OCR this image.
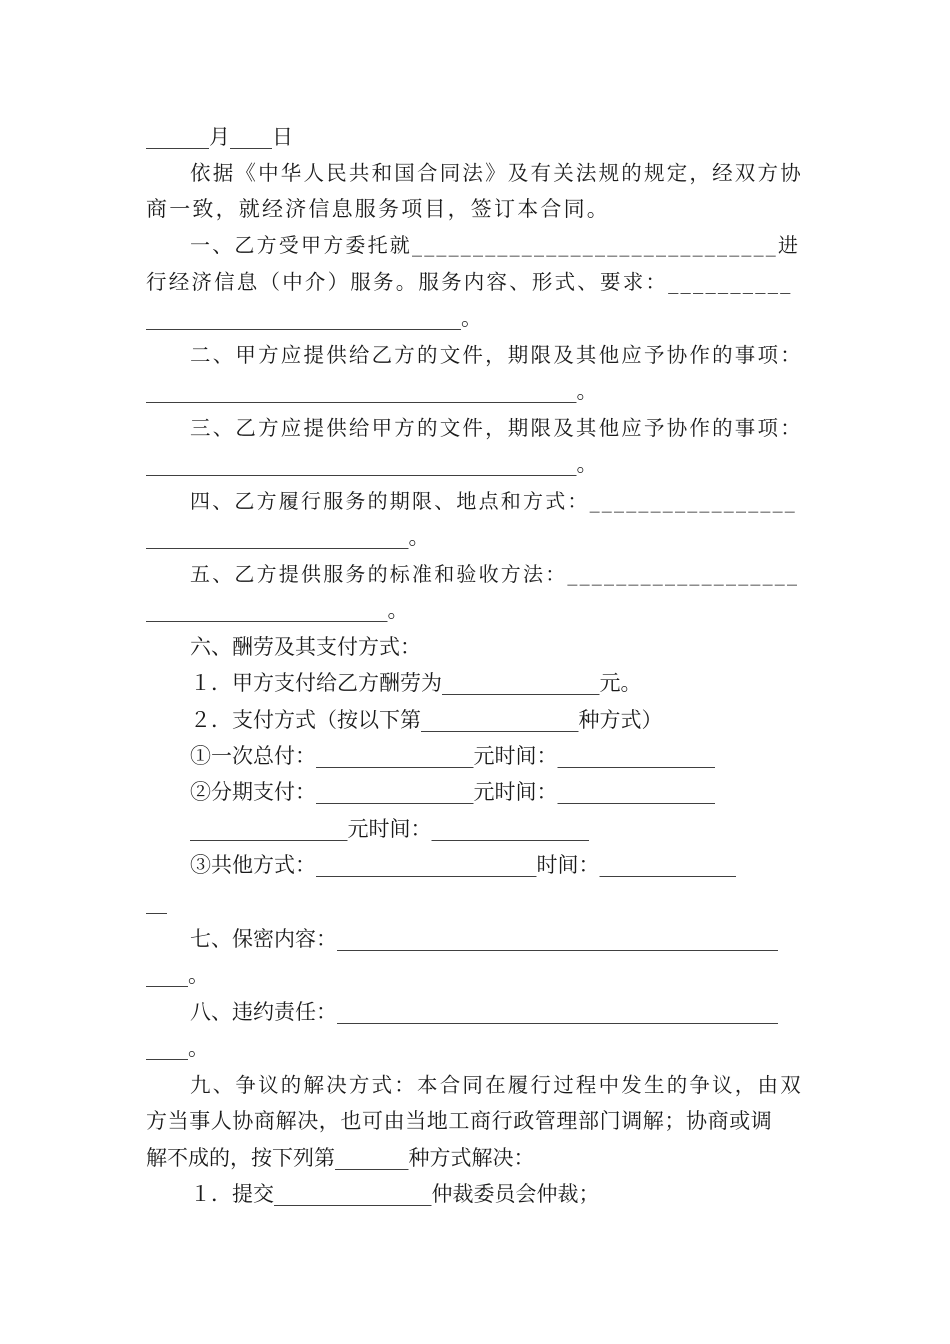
______月____日
依据《中华人民共和国合同法》及有关法规的规定，经双方协
商一致，就经济信息服务项目，签订本合同。
一、乙方受甲方委托就______________________________进
行经济信息（中介）服务。服务内容、形式、要求：__________
______________________________。
二、甲方应提供给乙方的文件，期限及其他应予协作的事项：
_________________________________________。
三、乙方应提供给甲方的文件，期限及其他应予协作的事项：
_________________________________________。
四、乙方履行服务的期限、地点和方式：_________________
_________________________。
五、乙方提供服务的标准和验收方法：___________________
_______________________。
六、酬劳及其支付方式：
１．甲方支付给乙方酬劳为_______________元。
２．支付方式（按以下第_______________种方式）
①一次总付：_______________元时间：_______________
②分期支付：_______________元时间：_______________
_______________元时间：_______________
③共他方式：_____________________时间：_____________
__
七、保密内容：__________________________________________
____。
八、违约责任：__________________________________________
____。
九、争议的解决方式：本合同在履行过程中发生的争议，由双
方当事人协商解决，也可由当地工商行政管理部门调解；协商或调
解不成的，按下列第_______种方式解决：
１．提交_______________仲裁委员会仲裁；
